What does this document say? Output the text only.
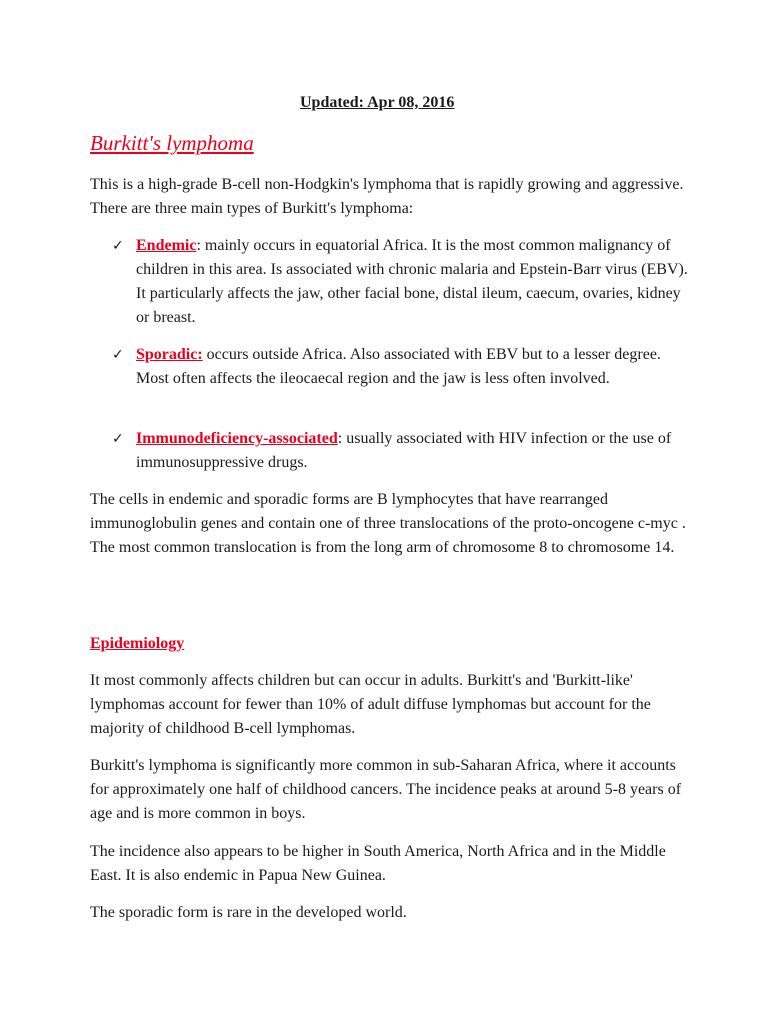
Updated: Apr 08, 2016
Burkitt's lymphoma
This is a high-grade B-cell non-Hodgkin's lymphoma that is rapidly growing and aggressive. There are three main types of Burkitt's lymphoma:
✓ Endemic: mainly occurs in equatorial Africa. It is the most common malignancy of children in this area. Is associated with chronic malaria and Epstein-Barr virus (EBV). It particularly affects the jaw, other facial bone, distal ileum, caecum, ovaries, kidney or breast.
✓ Sporadic: occurs outside Africa. Also associated with EBV but to a lesser degree. Most often affects the ileocaecal region and the jaw is less often involved.
✓ Immunodeficiency-associated: usually associated with HIV infection or the use of immunosuppressive drugs.
The cells in endemic and sporadic forms are B lymphocytes that have rearranged immunoglobulin genes and contain one of three translocations of the proto-oncogene c-myc . The most common translocation is from the long arm of chromosome 8 to chromosome 14.
Epidemiology
It most commonly affects children but can occur in adults. Burkitt's and 'Burkitt-like' lymphomas account for fewer than 10% of adult diffuse lymphomas but account for the majority of childhood B-cell lymphomas.
Burkitt's lymphoma is significantly more common in sub-Saharan Africa, where it accounts for approximately one half of childhood cancers. The incidence peaks at around 5-8 years of age and is more common in boys.
The incidence also appears to be higher in South America, North Africa and in the Middle East. It is also endemic in Papua New Guinea.
The sporadic form is rare in the developed world.
